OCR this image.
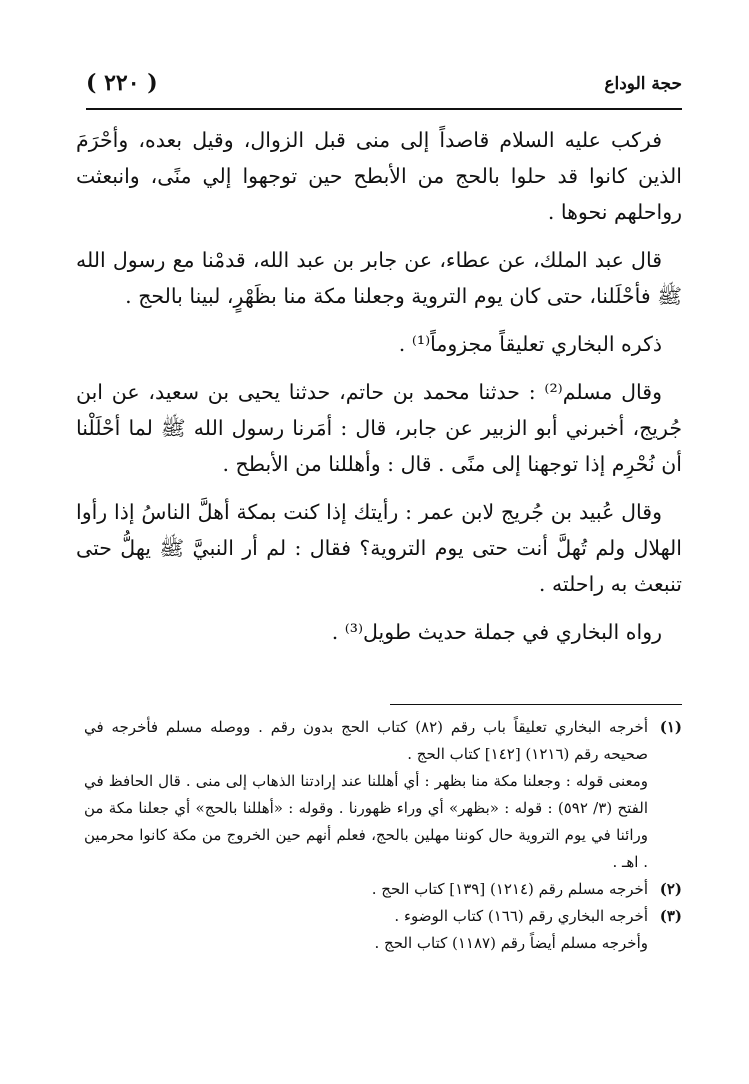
( ٢٢٠ )	حجة الوداع

فركب عليه السلام قاصداً إلى منى قبل الزوال، وقيل بعده، وأحْرَمَ الذين كانوا قد حلوا بالحج من الأبطح حين توجهوا إلي منًى، وانبعثت رواحلهم نحوها .

قال عبد الملك، عن عطاء، عن جابر بن عبد الله، قدمْنا مع رسول الله ﷺ فأحْلَلنا، حتى كان يوم التروية وجعلنا مكة منا بظَهْرٍ، لبينا بالحج .

ذكره البخاري تعليقاً مجزوماً⁽¹⁾ .

وقال مسلم⁽²⁾ : حدثنا محمد بن حاتم، حدثنا يحيى بن سعيد، عن ابن جُريج، أخبرني أبو الزبير عن جابر، قال : أمَرنا رسول الله ﷺ لما أحْلَلْنا أن نُحْرِم إذا توجهنا إلى منًى . قال : وأهللنا من الأبطح .

وقال عُبيد بن جُريج لابن عمر : رأيتك إذا كنت بمكة أهلَّ الناسُ إذا رأوا الهلال ولم تُهلَّ أنت حتى يوم التروية؟ فقال : لم أر النبيَّ ﷺ يهلُّ حتى تنبعث به راحلته .

رواه البخاري في جملة حديث طويل⁽³⁾ .

(١)

أخرجه البخاري تعليقاً باب رقم (٨٢) كتاب الحج بدون رقم . ووصله مسلم فأخرجه في صحيحه رقم (١٢١٦) [١٤٢] كتاب الحج .

ومعنى قوله : وجعلنا مكة منا بظهر : أي أهللنا عند إرادتنا الذهاب إلى منى . قال الحافظ في الفتح (٣/ ٥٩٢) : قوله : «بظهر» أي وراء ظهورنا . وقوله : «أهللنا بالحج» أي جعلنا مكة من ورائنا في يوم التروية حال كوننا مهلين بالحج، فعلم أنهم حين الخروج من مكة كانوا محرمين . اهـ .

(٢)

أخرجه مسلم رقم (١٢١٤) [١٣٩] كتاب الحج .

(٣)

أخرجه البخاري رقم (١٦٦) كتاب الوضوء .

وأخرجه مسلم أيضاً رقم (١١٨٧) كتاب الحج .
